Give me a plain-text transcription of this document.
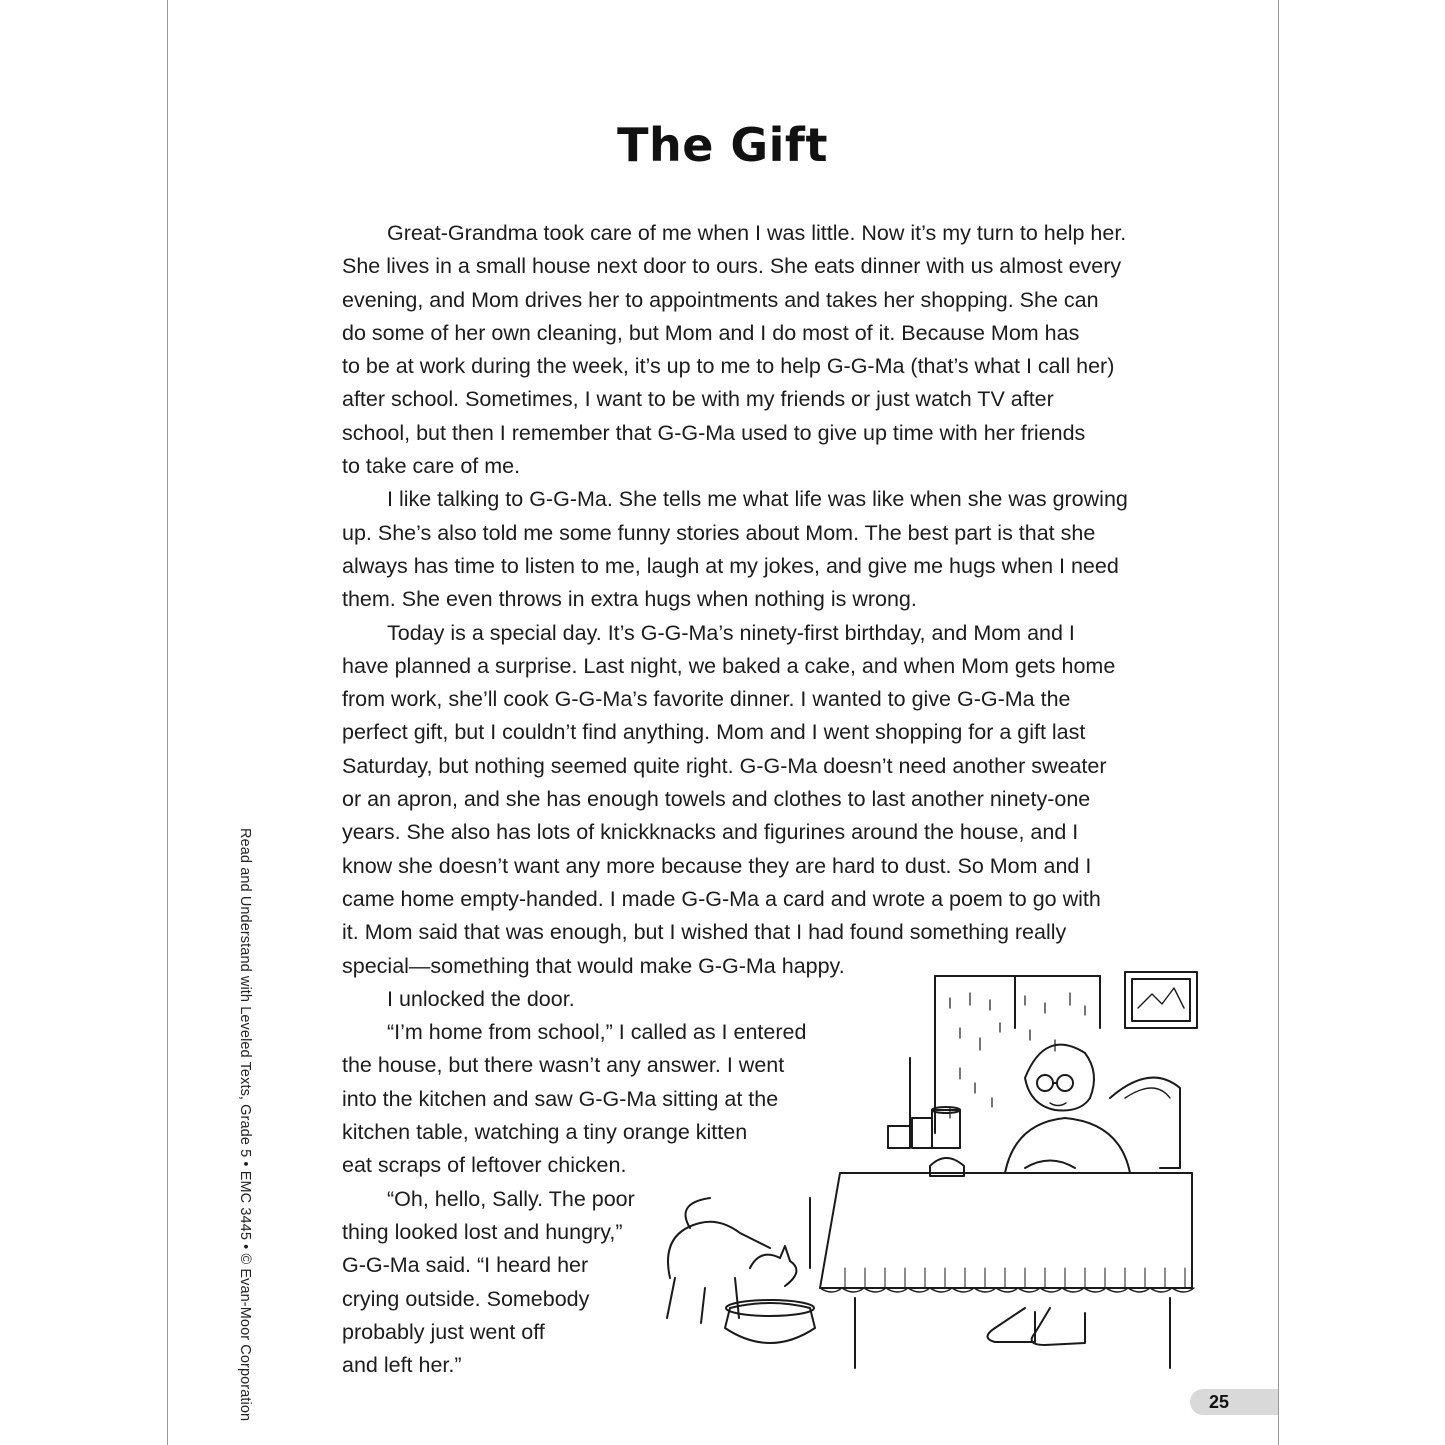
The Gift
Great-Grandma took care of me when I was little. Now it’s my turn to help her.
She lives in a small house next door to ours. She eats dinner with us almost every
evening, and Mom drives her to appointments and takes her shopping. She can
do some of her own cleaning, but Mom and I do most of it. Because Mom has
to be at work during the week, it’s up to me to help G-G-Ma (that’s what I call her)
after school. Sometimes, I want to be with my friends or just watch TV after
school, but then I remember that G-G-Ma used to give up time with her friends
to take care of me.
I like talking to G-G-Ma. She tells me what life was like when she was growing
up. She’s also told me some funny stories about Mom. The best part is that she
always has time to listen to me, laugh at my jokes, and give me hugs when I need
them. She even throws in extra hugs when nothing is wrong.
Today is a special day. It’s G-G-Ma’s ninety-first birthday, and Mom and I
have planned a surprise. Last night, we baked a cake, and when Mom gets home
from work, she’ll cook G-G-Ma’s favorite dinner. I wanted to give G-G-Ma the
perfect gift, but I couldn’t find anything. Mom and I went shopping for a gift last
Saturday, but nothing seemed quite right. G-G-Ma doesn’t need another sweater
or an apron, and she has enough towels and clothes to last another ninety-one
years. She also has lots of knickknacks and figurines around the house, and I
know she doesn’t want any more because they are hard to dust. So Mom and I
came home empty-handed. I made G-G-Ma a card and wrote a poem to go with
it. Mom said that was enough, but I wished that I had found something really
special—something that would make G-G-Ma happy.
I unlocked the door.
“I’m home from school,” I called as I entered
the house, but there wasn’t any answer. I went
into the kitchen and saw G-G-Ma sitting at the
kitchen table, watching a tiny orange kitten
eat scraps of leftover chicken.
“Oh, hello, Sally. The poor
thing looked lost and hungry,”
G-G-Ma said. “I heard her
crying outside. Somebody
probably just went off
and left her.”
Read and Understand with Leveled Texts, Grade 5 • EMC 3445 • © Evan-Moor Corporation	25
